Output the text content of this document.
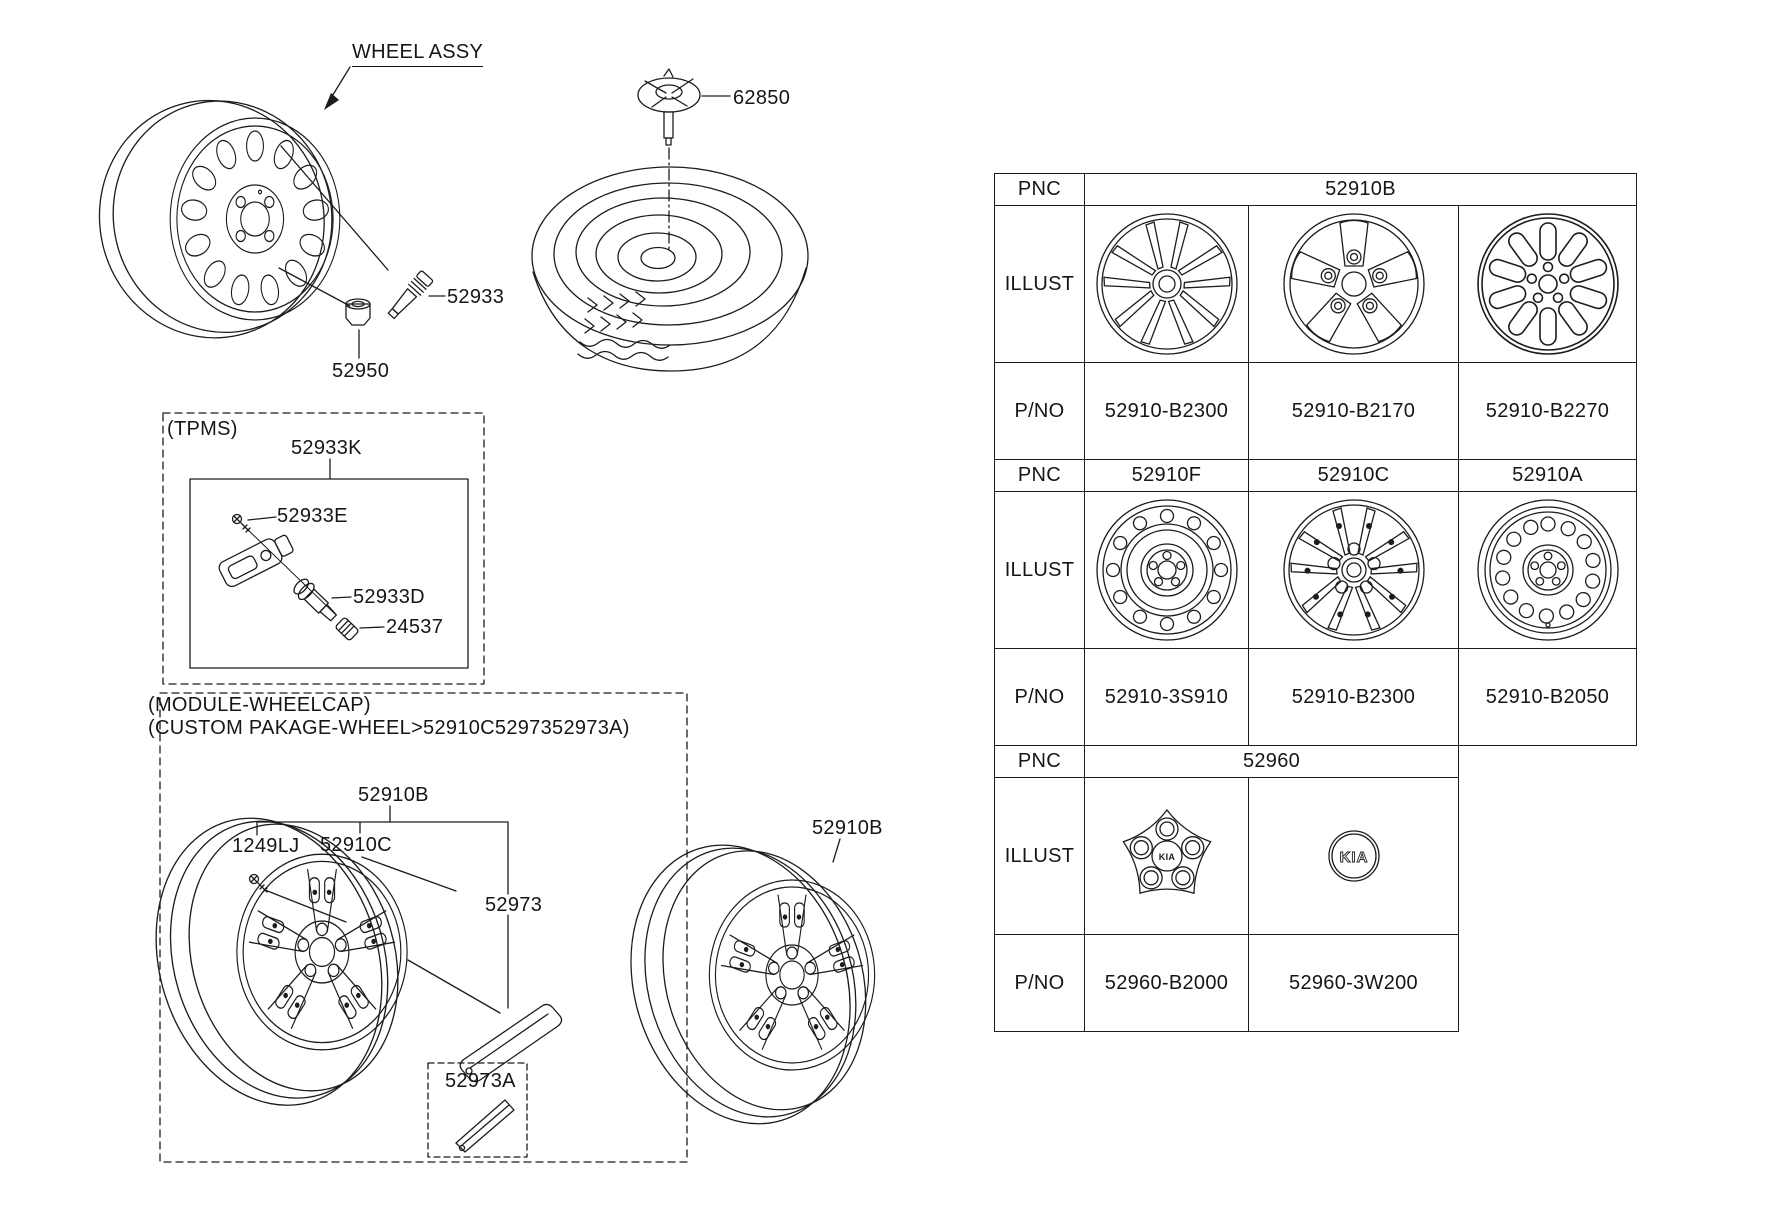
WHEEL ASSY
62850
52933
52950
(TPMS)
52933K
52933E
52933D
24537
(MODULE-WHEELCAP)
(CUSTOM PAKAGE-WHEEL>52910C5297352973A)
52910B
1249LJ 52910C
52973
52973A
52910B
PNC	52910B		
ILLUST	

P/NO	52910-B2300	52910-B2170	52910-B2270
PNC	52910F	52910C	52910A
ILLUST	

P/NO	52910-3S910	52910-B2300	52910-B2050
PNC	52960		
ILLUST	

P/NO	52960-B2000	52960-3W200	
